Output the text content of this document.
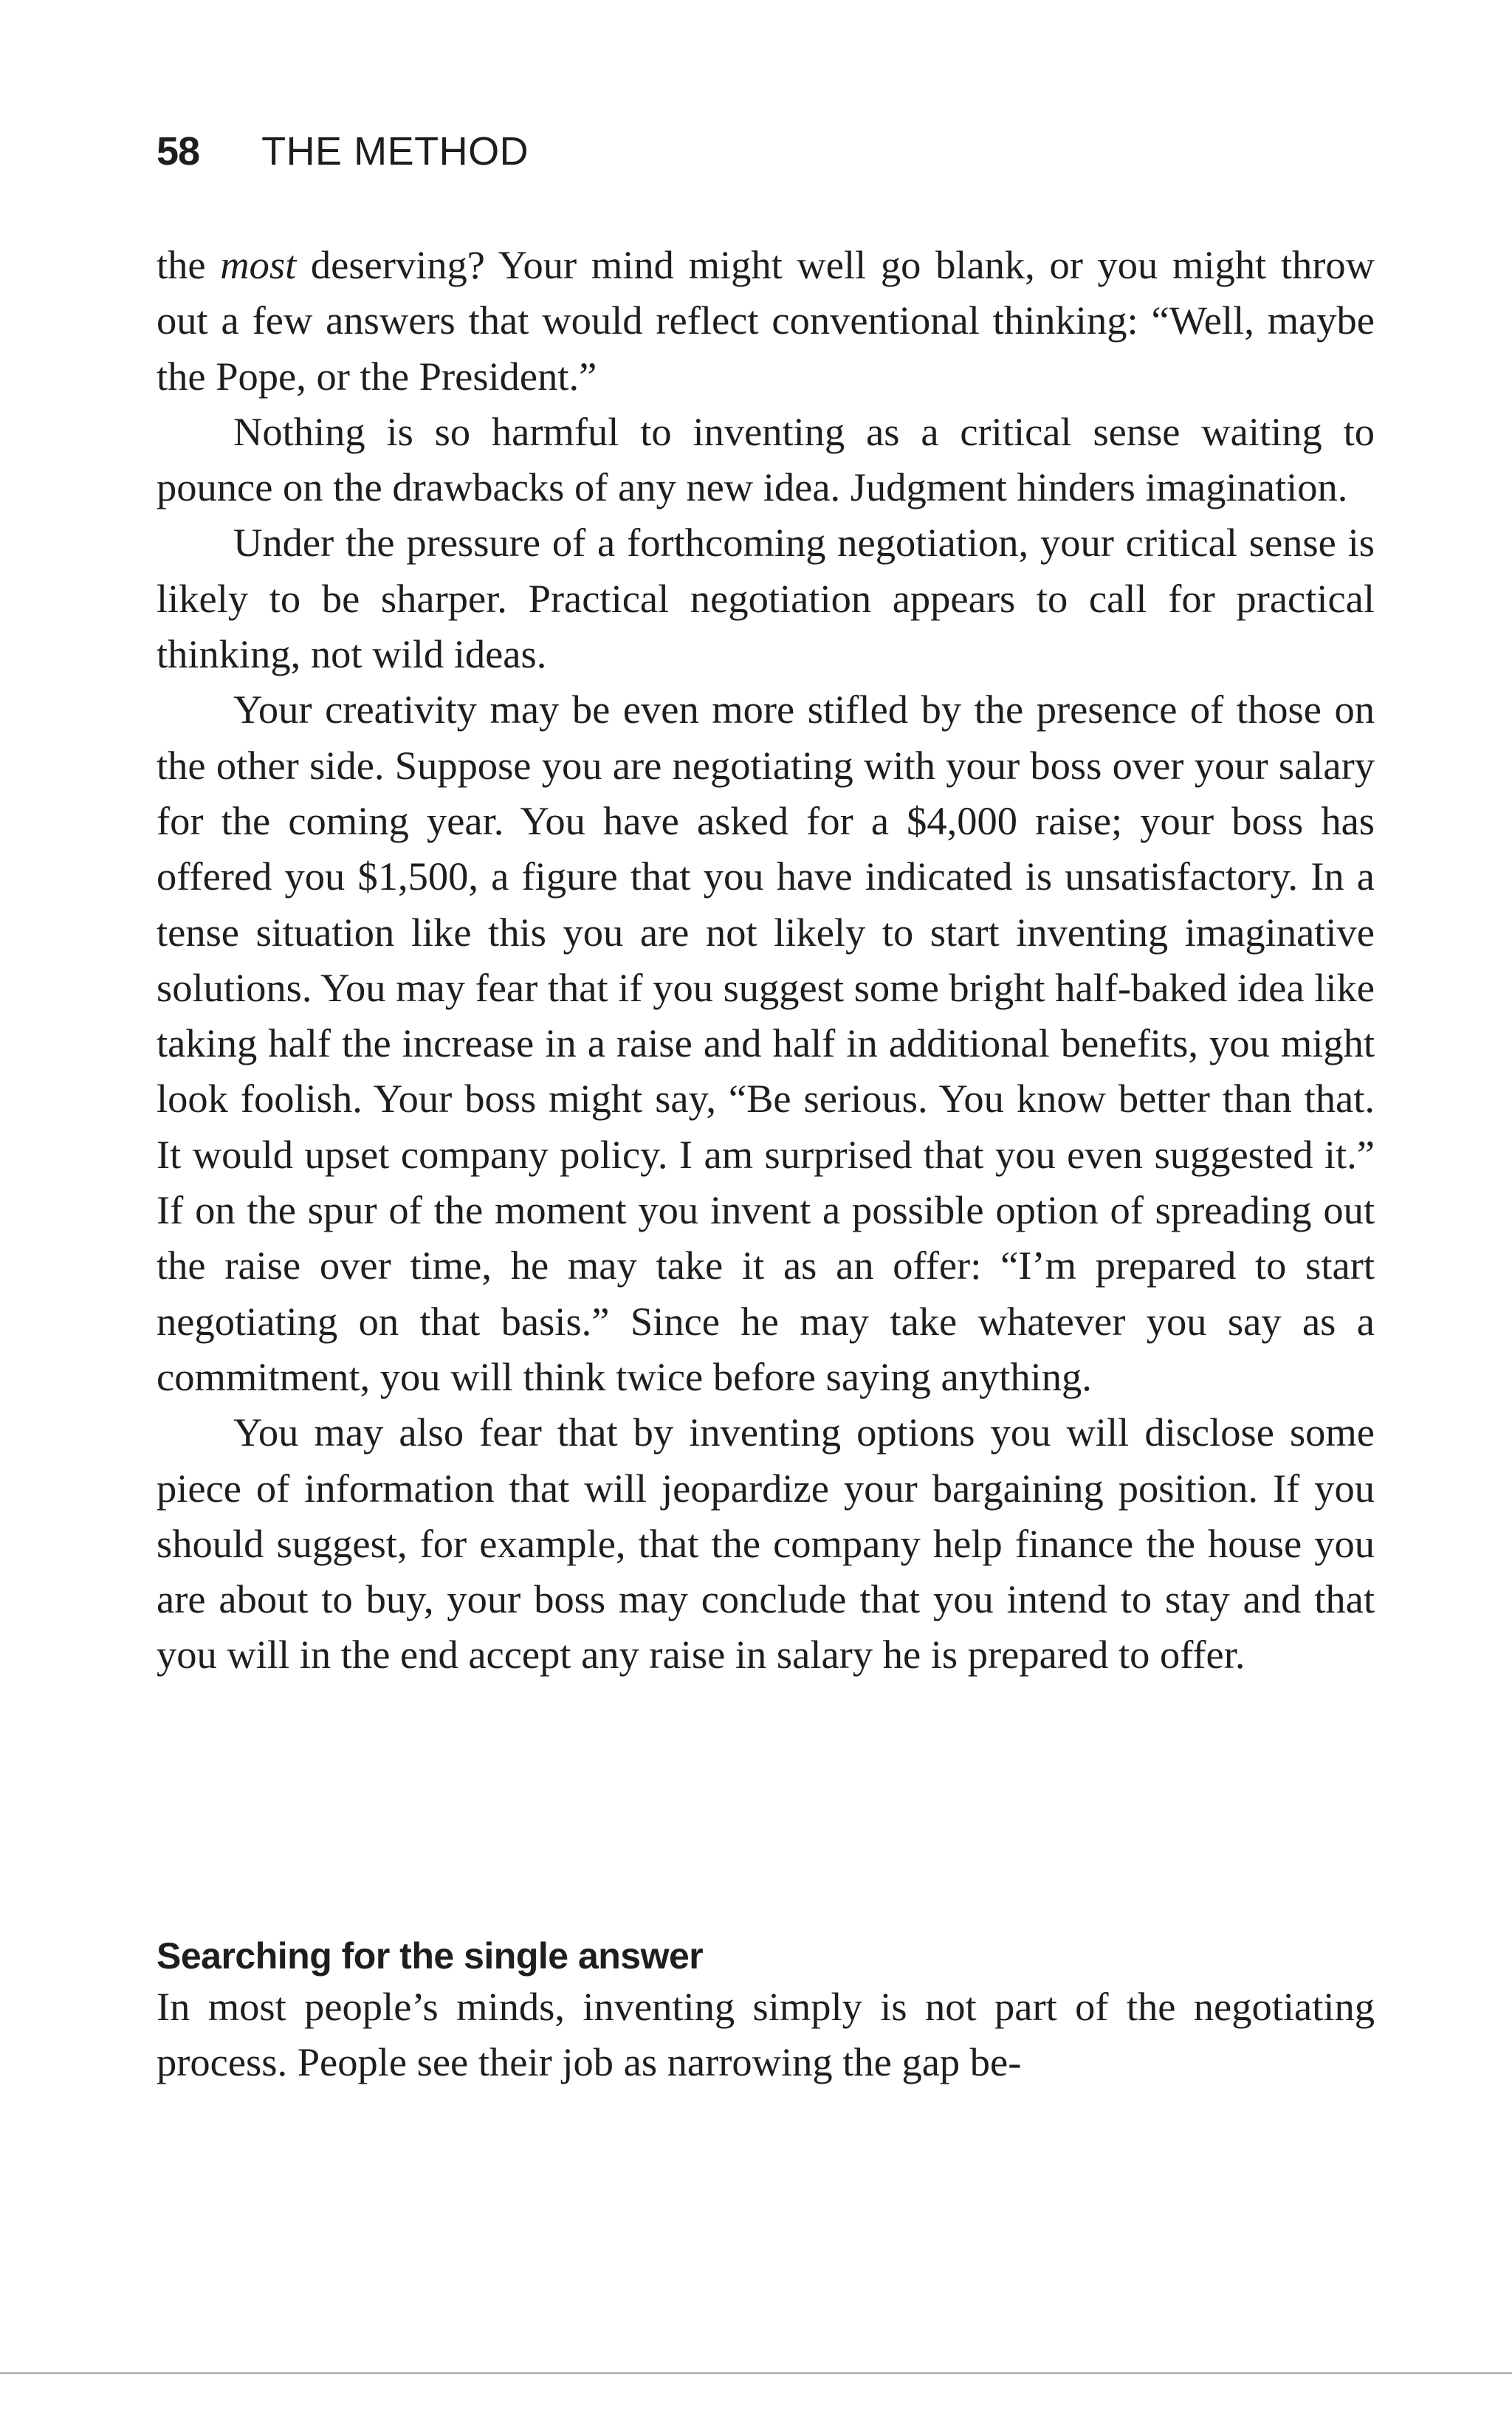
58 THE METHOD

the most deserving? Your mind might well go blank, or you might throw out a few answers that would reflect conventional thinking: “Well, maybe the Pope, or the President.”

Nothing is so harmful to inventing as a critical sense waiting to pounce on the drawbacks of any new idea. Judgment hinders imagination.

Under the pressure of a forthcoming negotiation, your critical sense is likely to be sharper. Practical negotiation appears to call for practical thinking, not wild ideas.

Your creativity may be even more stifled by the presence of those on the other side. Suppose you are negotiating with your boss over your salary for the coming year. You have asked for a $4,000 raise; your boss has offered you $1,500, a figure that you have indicated is unsatisfactory. In a tense situation like this you are not likely to start inventing imaginative solutions. You may fear that if you suggest some bright half-baked idea like taking half the increase in a raise and half in additional benefits, you might look foolish. Your boss might say, “Be serious. You know better than that. It would upset company policy. I am surprised that you even suggested it.” If on the spur of the moment you invent a possible option of spreading out the raise over time, he may take it as an offer: “I’m prepared to start negotiating on that basis.” Since he may take whatever you say as a commitment, you will think twice before saying anything.

You may also fear that by inventing options you will disclose some piece of information that will jeopardize your bargaining position. If you should suggest, for example, that the company help finance the house you are about to buy, your boss may conclude that you intend to stay and that you will in the end accept any raise in salary he is prepared to offer.

Searching for the single answer

In most people’s minds, inventing simply is not part of the negotiating process. People see their job as narrowing the gap be-
